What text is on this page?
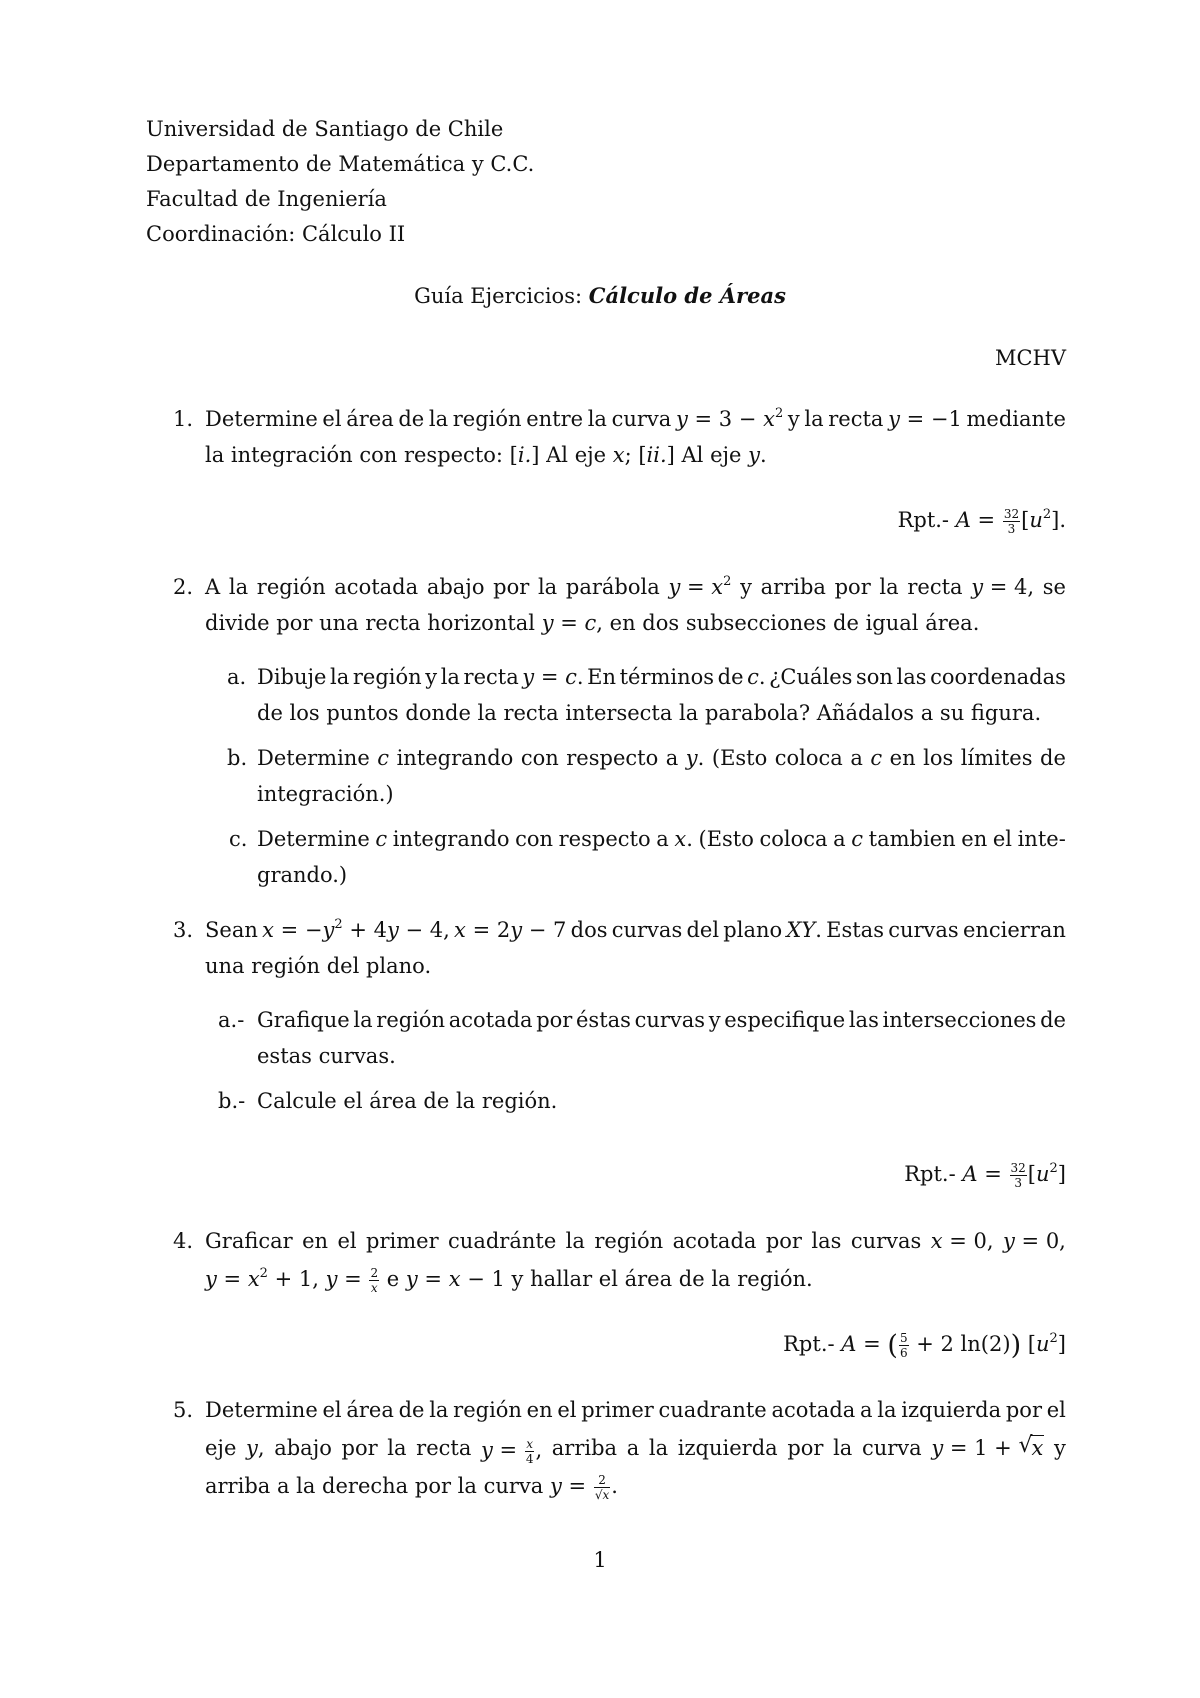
Universidad de Santiago de Chile
Departamento de Matemática y C.C.
Facultad de Ingeniería
Coordinación: Cálculo II
Guía Ejercicios: Cálculo de Áreas
MCHV
1. Determine el área de la región entre la curva $y = 3 - x^2$ y la recta y = −1 mediante
la integración con respecto: [i.] Al eje x; [ii.] Al eje y.
Rpt.- $A = \frac{32}{3} [u^2]$.
2. A la región acotada abajo por la parábola $y = x^2$ y arriba por la recta y = 4, se
divide por una recta horizontal y = c, en dos subsecciones de igual área.
a. Dibuje la región y la recta y = c. En términos de c. ¿Cuáles son las coordenadas
de los puntos donde la recta intersecta la parabola? Añádalos a su figura.
b. Determine c integrando con respecto a y. (Esto coloca a c en los límites de
integración.)
c. Determine c integrando con respecto a x. (Esto coloca a c tambien en el inte-
grando.)
3. Sean $x = -y^2 + 4y - 4$, x = 2y − 7 dos curvas del plano XY. Estas curvas encierran
una región del plano.
a.- Grafique la región acotada por éstas curvas y especifique las intersecciones de
estas curvas.
b.- Calcule el área de la región.
Rpt.- $A = \frac{32}{3} [u^2]$
4. Graficar en el primer cuadránte la región acotada por las curvas x = 0, y = 0,
$y = x^2 + 1$, $y = \frac{2}{x}$ e y = x − 1 y hallar el área de la región.
Rpt.- A = ( $\frac{5}{6} + 2$ ln(2)) $[u^2]$
5. Determine el área de la región en el primer cuadrante acotada a la izquierda por el
eje y, abajo por la recta $y = \frac{x}{4}$ , arriba a la izquierda por la curva y = 1 + √ x y
arriba a la derecha por la curva $y = \frac{2}{√x}$ .
1
